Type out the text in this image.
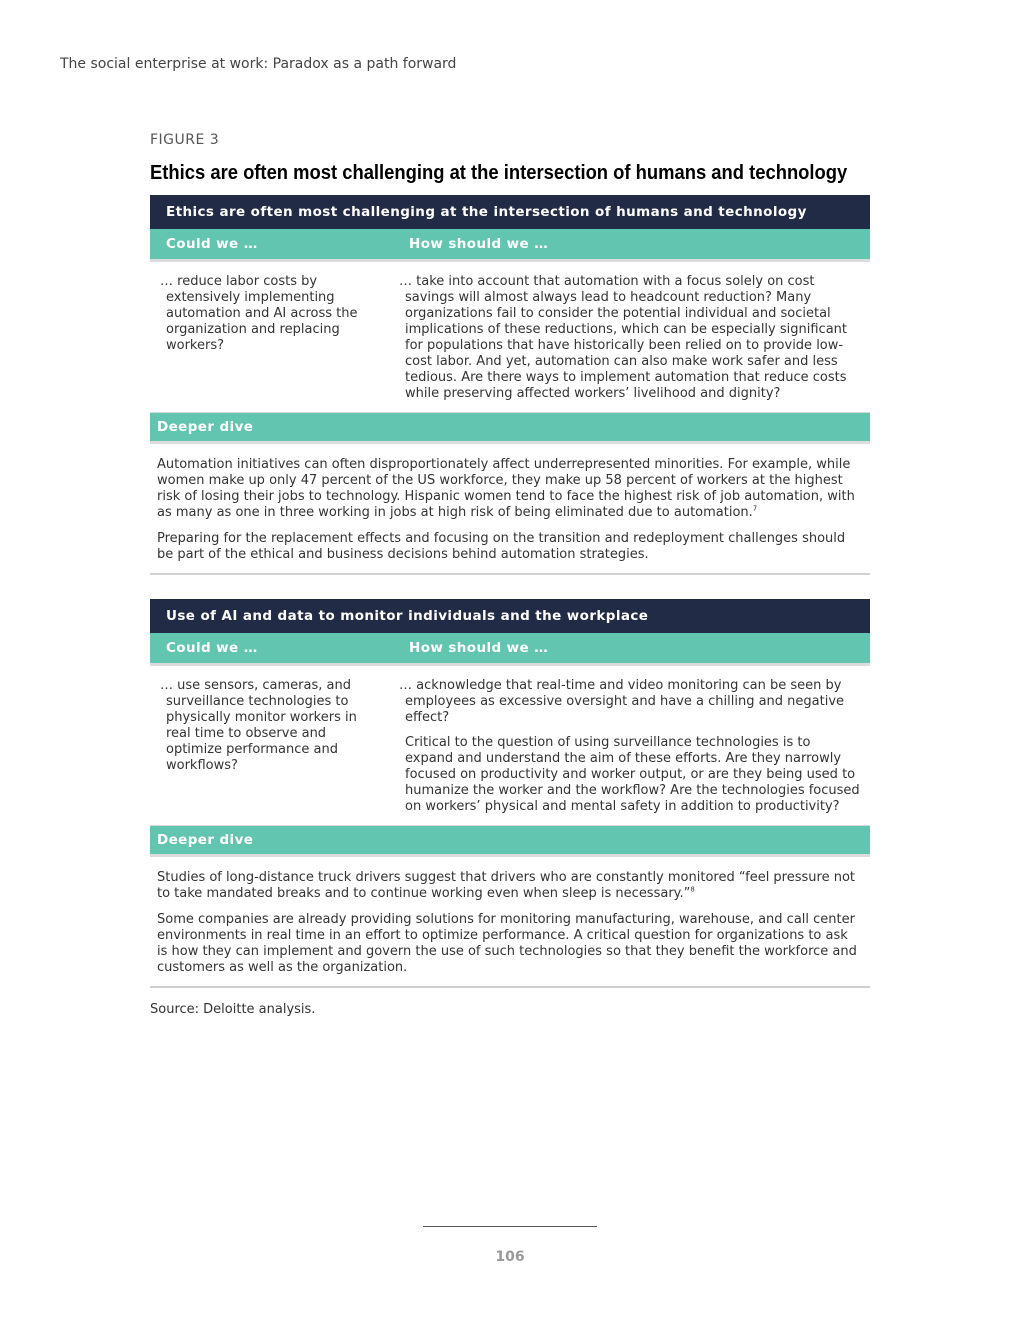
The social enterprise at work: Paradox as a path forward
FIGURE 3
Ethics are often most challenging at the intersection of humans and technology
Ethics are often most challenging at the intersection of humans and technology
Could we …	How should we …

… reduce labor costs by extensively implementing automation and AI across the organization and replacing workers?

… take into account that automation with a focus solely on cost savings will almost always lead to headcount reduction? Many organizations fail to consider the potential individual and societal implications of these reductions, which can be especially significant for populations that have historically been relied on to provide low-cost labor. And yet, automation can also make work safer and less tedious. Are there ways to implement automation that reduce costs while preserving affected workers’ livelihood and dignity?

Deeper dive

Automation initiatives can often disproportionately affect underrepresented minorities. For example, while women make up only 47 percent of the US workforce, they make up 58 percent of workers at the highest risk of losing their jobs to technology. Hispanic women tend to face the highest risk of job automation, with as many as one in three working in jobs at high risk of being eliminated due to automation.$^7$

Preparing for the replacement effects and focusing on the transition and redeployment challenges should be part of the ethical and business decisions behind automation strategies.

Use of AI and data to monitor individuals and the workplace
Could we …	How should we …

… use sensors, cameras, and surveillance technologies to physically monitor workers in real time to observe and optimize performance and workflows?

… acknowledge that real-time and video monitoring can be seen by employees as excessive oversight and have a chilling and negative effect?

Critical to the question of using surveillance technologies is to expand and understand the aim of these efforts. Are they narrowly focused on productivity and worker output, or are they being used to humanize the worker and the workflow? Are the technologies focused on workers’ physical and mental safety in addition to productivity?

Deeper dive

Studies of long-distance truck drivers suggest that drivers who are constantly monitored “feel pressure not to take mandated breaks and to continue working even when sleep is necessary.”$^8$

Some companies are already providing solutions for monitoring manufacturing, warehouse, and call center environments in real time in an effort to optimize performance. A critical question for organizations to ask is how they can implement and govern the use of such technologies so that they benefit the workforce and customers as well as the organization.

Source: Deloitte analysis.
106
